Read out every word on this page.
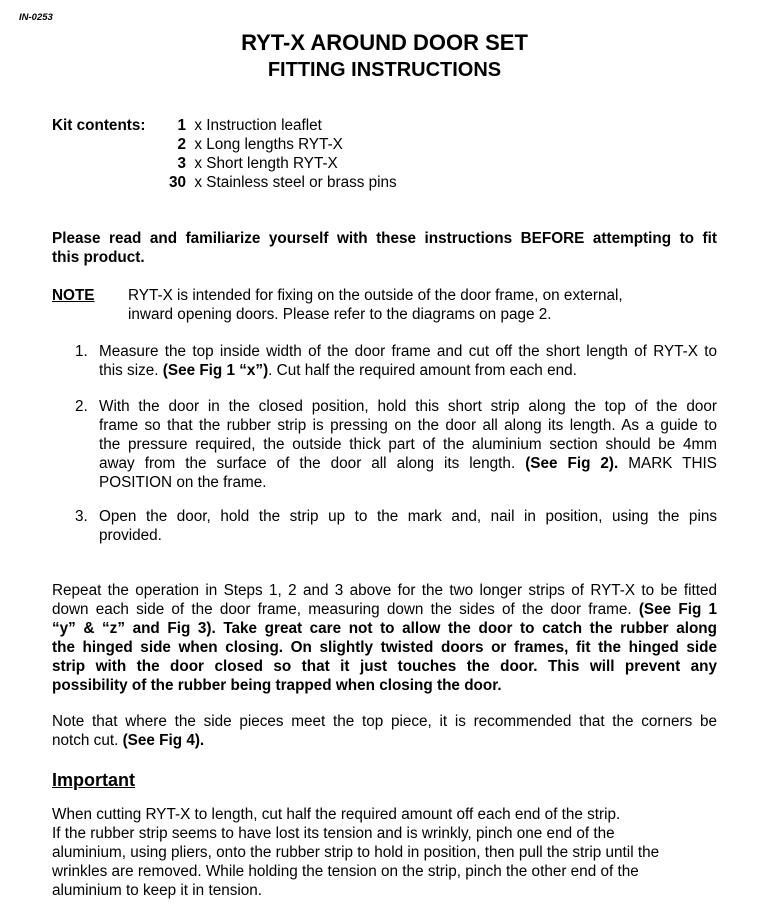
IN-0253
RYT-X AROUND DOOR SET
FITTING INSTRUCTIONS
Kit contents:	1 x Instruction leaflet
2 x Long lengths RYT-X
3 x Short length RYT-X
30 x Stainless steel or brass pins
Please read and familiarize yourself with these instructions BEFORE attempting to fit
this product.
NOTE RYT-X is intended for fixing on the outside of the door frame, on external,
inward opening doors. Please refer to the diagrams on page 2.
1. Measure the top inside width of the door frame and cut off the short length of RYT-X to
this size. (See Fig 1 “x”). Cut half the required amount from each end.
2. With the door in the closed position, hold this short strip along the top of the door
frame so that the rubber strip is pressing on the door all along its length. As a guide to
the pressure required, the outside thick part of the aluminium section should be 4mm
away from the surface of the door all along its length. (See Fig 2). MARK THIS
POSITION on the frame.
3. Open the door, hold the strip up to the mark and, nail in position, using the pins
provided.
Repeat the operation in Steps 1, 2 and 3 above for the two longer strips of RYT-X to be fitted
down each side of the door frame, measuring down the sides of the door frame. (See Fig 1
“y” & “z” and Fig 3). Take great care not to allow the door to catch the rubber along
the hinged side when closing. On slightly twisted doors or frames, fit the hinged side
strip with the door closed so that it just touches the door. This will prevent any
possibility of the rubber being trapped when closing the door.
Note that where the side pieces meet the top piece, it is recommended that the corners be
notch cut. (See Fig 4).
Important
When cutting RYT-X to length, cut half the required amount off each end of the strip.
If the rubber strip seems to have lost its tension and is wrinkly, pinch one end of the
aluminium, using pliers, onto the rubber strip to hold in position, then pull the strip until the
wrinkles are removed. While holding the tension on the strip, pinch the other end of the
aluminium to keep it in tension.
